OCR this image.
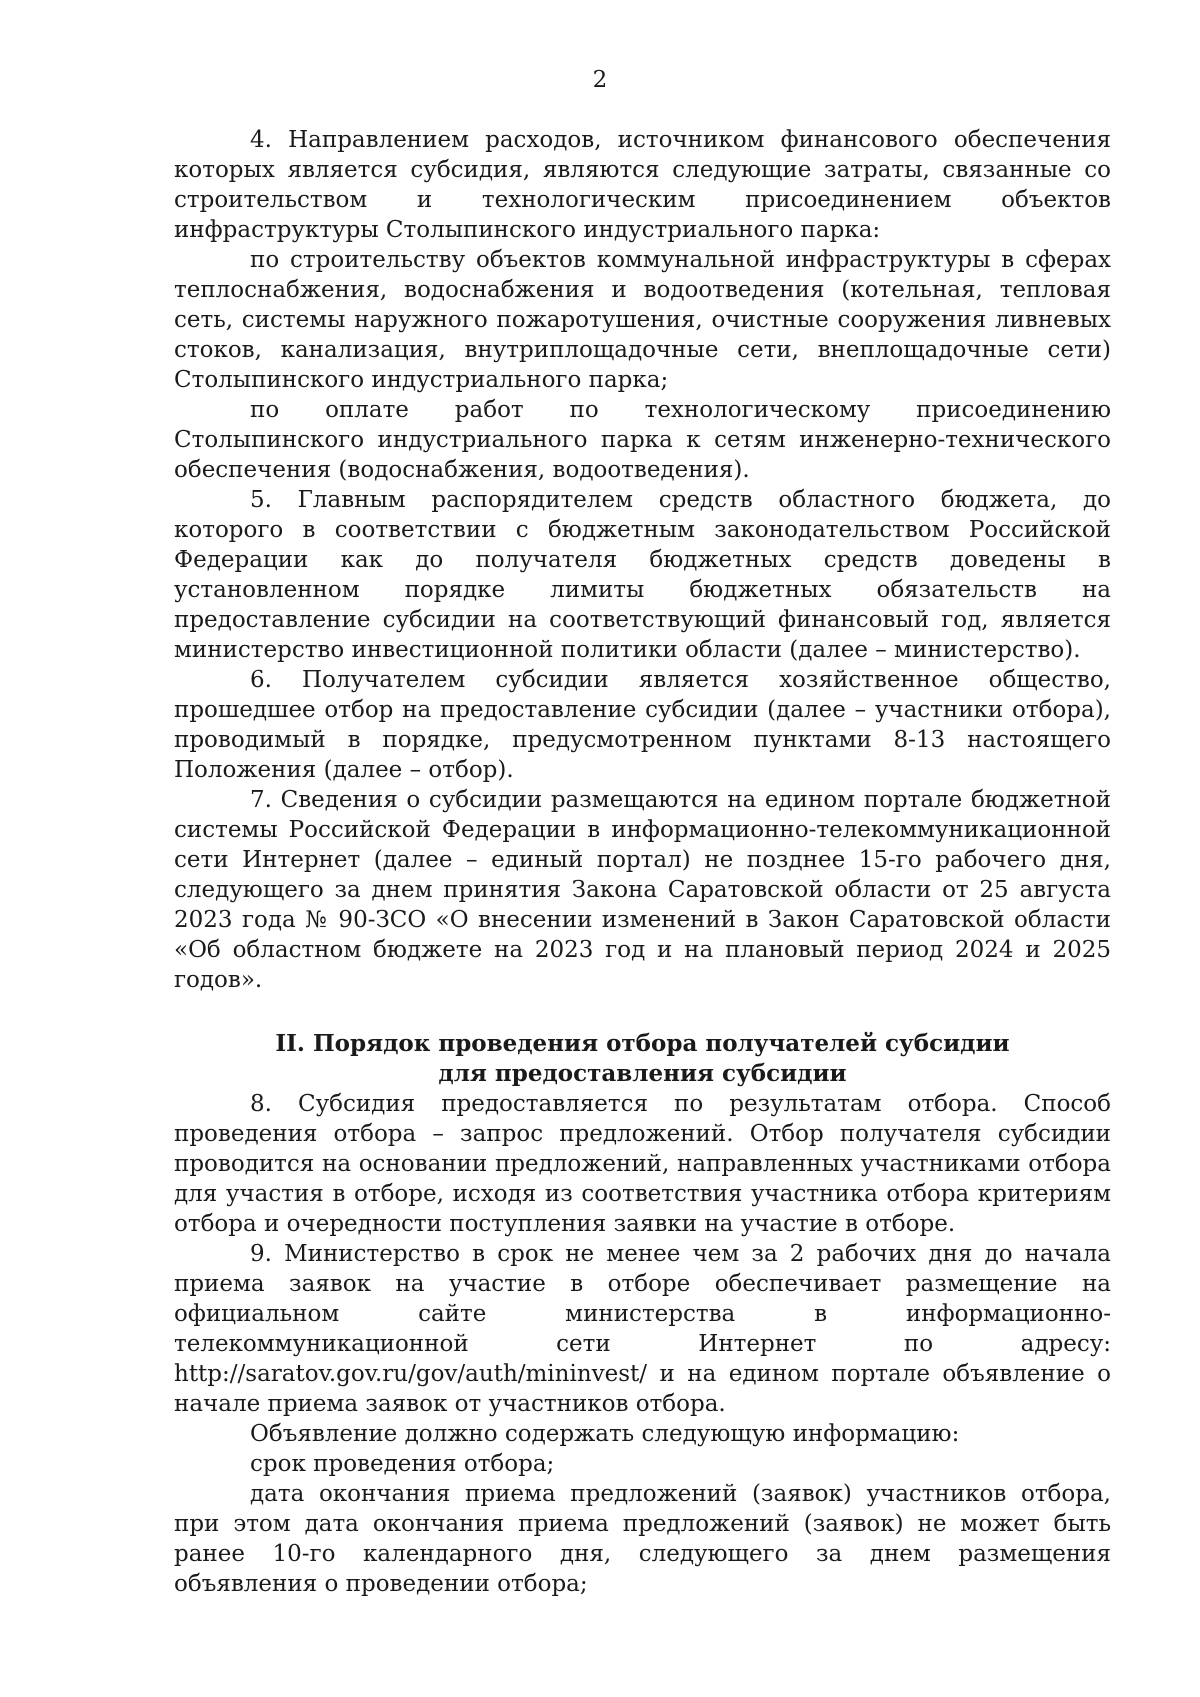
2

4. Направлением расходов, источником финансового обеспечения которых является субсидия, являются следующие затраты, связанные со строительством и технологическим присоединением объектов инфраструктуры Столыпинского индустриального парка:

по строительству объектов коммунальной инфраструктуры в сферах теплоснабжения, водоснабжения и водоотведения (котельная, тепловая сеть, системы наружного пожаротушения, очистные сооружения ливневых стоков, канализация, внутриплощадочные сети, внеплощадочные сети) Столыпинского индустриального парка;

по оплате работ по технологическому присоединению Столыпинского индустриального парка к сетям инженерно-технического обеспечения (водоснабжения, водоотведения).

5. Главным распорядителем средств областного бюджета, до которого в соответствии с бюджетным законодательством Российской Федерации как до получателя бюджетных средств доведены в установленном порядке лимиты бюджетных обязательств на предоставление субсидии на соответствующий финансовый год, является министерство инвестиционной политики области (далее – министерство).

6. Получателем субсидии является хозяйственное общество, прошедшее отбор на предоставление субсидии (далее – участники отбора), проводимый в порядке, предусмотренном пунктами 8-13 настоящего Положения (далее – отбор).

7. Сведения о субсидии размещаются на едином портале бюджетной системы Российской Федерации в информационно-телекоммуникационной сети Интернет (далее – единый портал) не позднее 15-го рабочего дня, следующего за днем принятия Закона Саратовской области от 25 августа 2023 года № 90-ЗСО «О внесении изменений в Закон Саратовской области «Об областном бюджете на 2023 год и на плановый период 2024 и 2025 годов».

II. Порядок проведения отбора получателей субсидии
для предоставления субсидии

8. Субсидия предоставляется по результатам отбора. Способ проведения отбора – запрос предложений. Отбор получателя субсидии проводится на основании предложений, направленных участниками отбора для участия в отборе, исходя из соответствия участника отбора критериям отбора и очередности поступления заявки на участие в отборе.

9. Министерство в срок не менее чем за 2 рабочих дня до начала приема заявок на участие в отборе обеспечивает размещение на официальном сайте министерства в информационно-телекоммуникационной сети Интернет по адресу: http://saratov.gov.ru/gov/auth/mininvest/ и на едином портале объявление о начале приема заявок от участников отбора.

Объявление должно содержать следующую информацию:

срок проведения отбора;

дата окончания приема предложений (заявок) участников отбора, при этом дата окончания приема предложений (заявок) не может быть ранее 10-го календарного дня, следующего за днем размещения объявления о проведении отбора;
